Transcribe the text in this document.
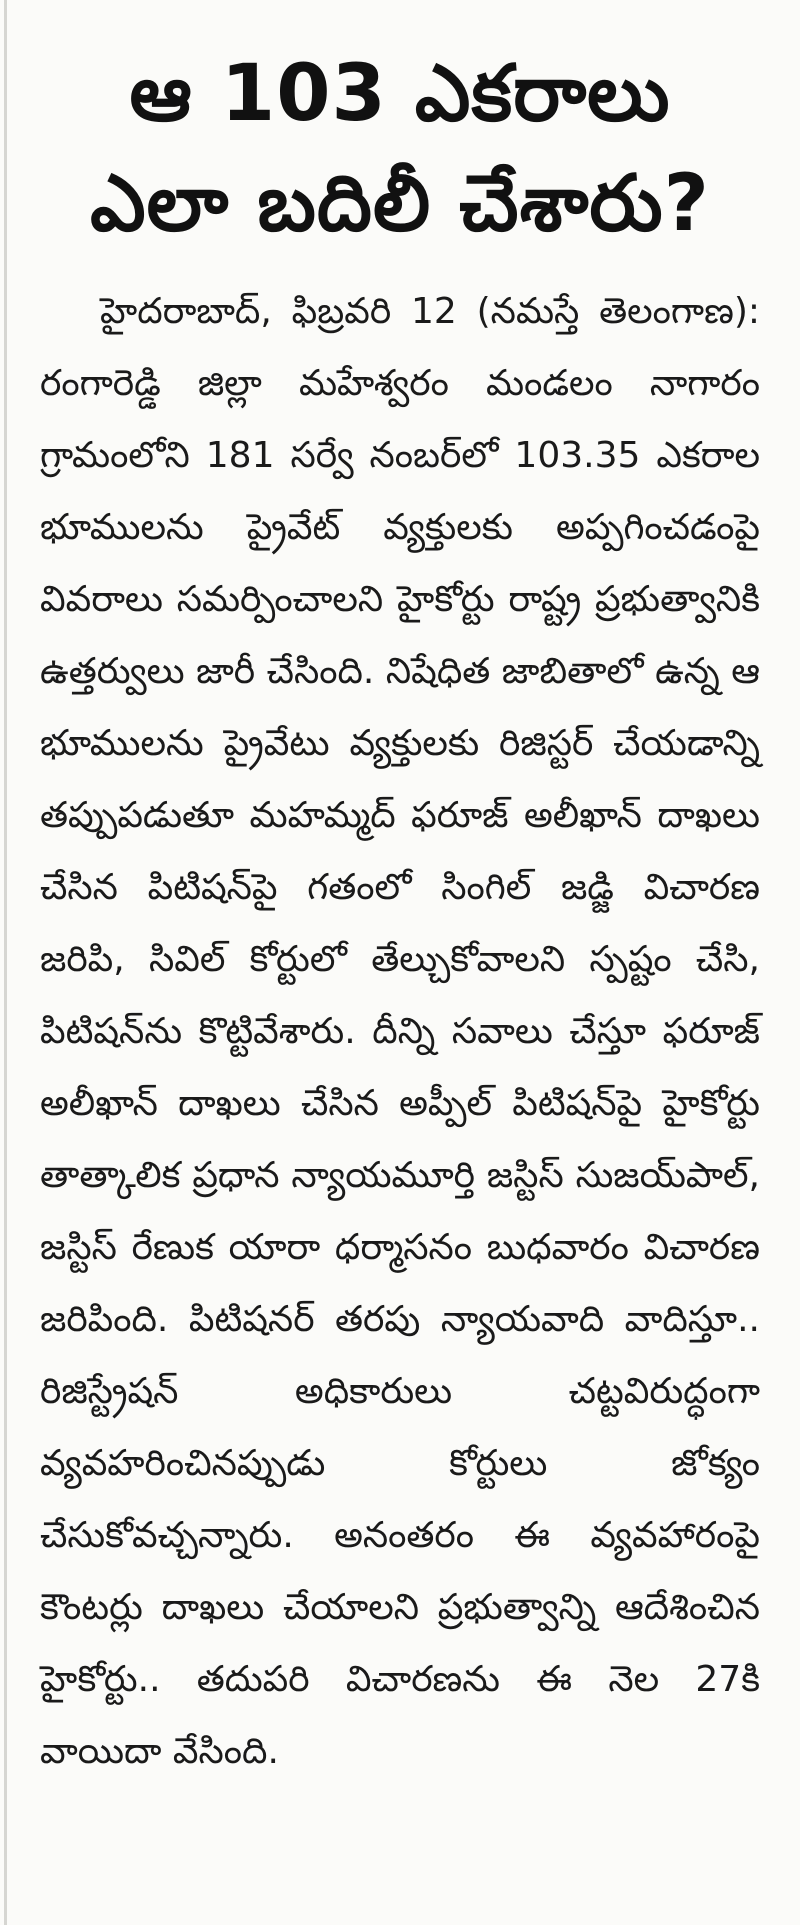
ఆ 103 ఎకరాలు
ఎలా బదిలీ చేశారు?

హైదరాబాద్, ఫిబ్రవరి 12 (నమస్తే తెలంగాణ): రంగారెడ్డి జిల్లా మహేశ్వరం మండలం నాగారం గ్రామంలోని 181 సర్వే నంబర్‌లో 103.35 ఎకరాల భూములను ప్రైవేట్ వ్యక్తులకు అప్పగించడంపై వివరాలు సమర్పించాలని హైకోర్టు రాష్ట్ర ప్రభుత్వానికి ఉత్తర్వులు జారీ చేసింది. నిషేధిత జాబితాలో ఉన్న ఆ భూములను ప్రైవేటు వ్యక్తులకు రిజిస్టర్ చేయడాన్ని తప్పుపడుతూ మహమ్మద్ ఫరూజ్ అలీఖాన్ దాఖలు చేసిన పిటిషన్‌పై గతంలో సింగిల్ జడ్జి విచారణ జరిపి, సివిల్ కోర్టులో తేల్చుకోవాలని స్పష్టం చేసి, పిటిషన్‌ను కొట్టివేశారు. దీన్ని సవాలు చేస్తూ ఫరూజ్ అలీఖాన్ దాఖలు చేసిన అప్పీల్ పిటిషన్‌పై హైకోర్టు తాత్కాలిక ప్రధాన న్యాయమూర్తి జస్టిస్ సుజయ్‌పాల్, జస్టిస్ రేణుక యారా ధర్మాసనం బుధవారం విచారణ జరిపింది. పిటిషనర్ తరపు న్యాయవాది వాదిస్తూ.. రిజిస్ట్రేషన్ అధికారులు చట్టవిరుద్ధంగా వ్యవహరించినప్పుడు కోర్టులు జోక్యం చేసుకోవచ్చన్నారు. అనంతరం ఈ వ్యవహారంపై కౌంటర్లు దాఖలు చేయాలని ప్రభుత్వాన్ని ఆదేశించిన హైకోర్టు.. తదుపరి విచారణను ఈ నెల 27కి వాయిదా వేసింది.
